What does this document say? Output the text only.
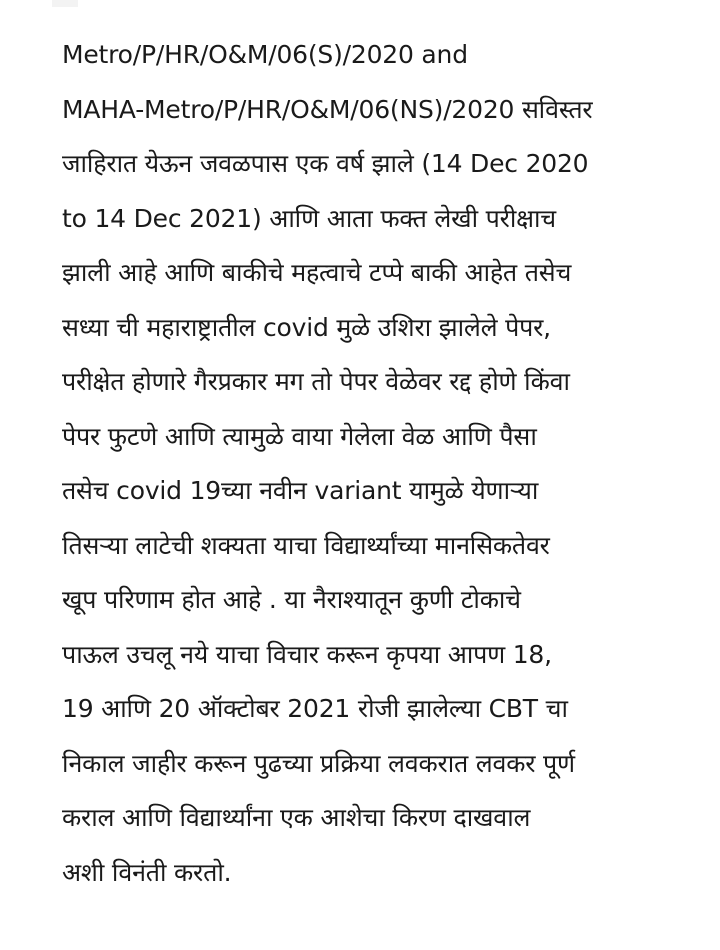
Metro/P/HR/O&M/06(S)/2020 and
MAHA-Metro/P/HR/O&M/06(NS)/2020 सविस्तर
जाहिरात येऊन जवळपास एक वर्ष झाले (14 Dec 2020
to 14 Dec 2021) आणि आता फक्त लेखी परीक्षाच
झाली आहे आणि बाकीचे महत्वाचे टप्पे बाकी आहेत तसेच
सध्या ची महाराष्ट्रातील covid मुळे उशिरा झालेले पेपर,
परीक्षेत होणारे गैरप्रकार मग तो पेपर वेळेवर रद्द होणे किंवा
पेपर फुटणे आणि त्यामुळे वाया गेलेला वेळ आणि पैसा
तसेच covid 19च्या नवीन variant यामुळे येणाऱ्या
तिसऱ्या लाटेची शक्यता याचा विद्यार्थ्यांच्या मानसिकतेवर
खूप परिणाम होत आहे . या नैराश्यातून कुणी टोकाचे
पाऊल उचलू नये याचा विचार करून कृपया आपण 18,
19 आणि 20 ऑक्टोबर 2021 रोजी झालेल्या CBT चा
निकाल जाहीर करून पुढच्या प्रक्रिया लवकरात लवकर पूर्ण
कराल आणि विद्यार्थ्यांना एक आशेचा किरण दाखवाल
अशी विनंती करतो.
